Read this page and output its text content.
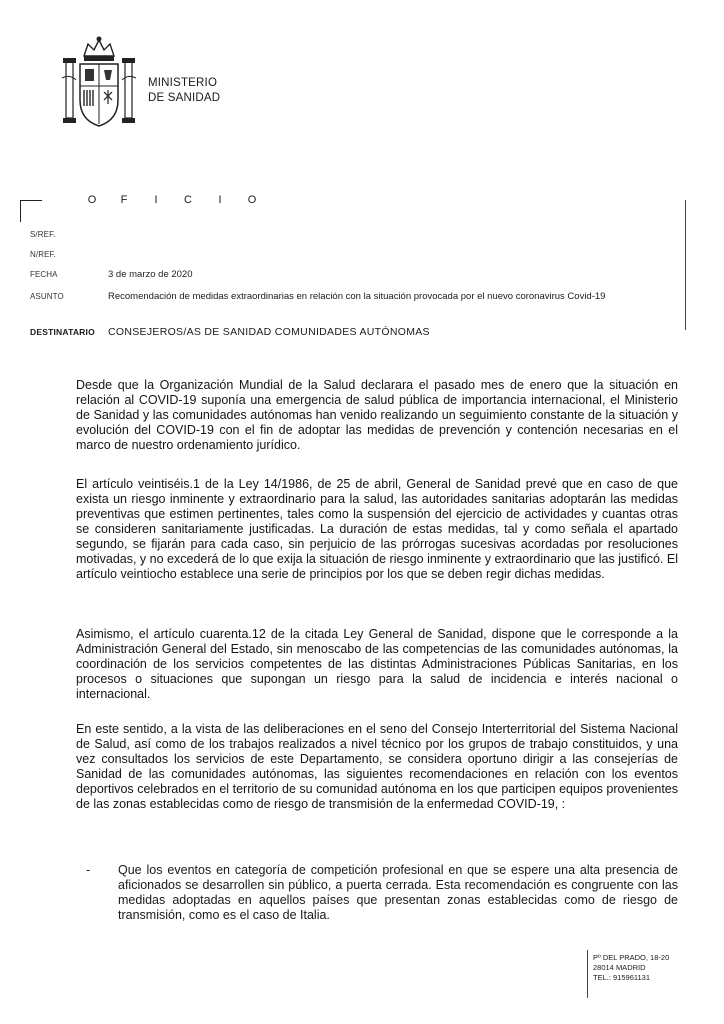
MINISTERIO
DE SANIDAD
O	F	I	C	I	O
S/REF.
N/REF.
FECHA	3 de marzo de 2020
ASUNTO	Recomendación de medidas extraordinarias en relación con la situación provocada por el nuevo coronavirus Covid-19
DESTINATARIO CONSEJEROS/AS DE SANIDAD COMUNIDADES AUTÓNOMAS
Desde que la Organización Mundial de la Salud declarara el pasado mes de enero que la situación en relación al COVID-19 suponía una emergencia de salud pública de importancia internacional, el Ministerio de Sanidad y las comunidades autónomas han venido realizando un seguimiento constante de la situación y evolución del COVID-19 con el fin de adoptar las medidas de prevención y contención necesarias en el marco de nuestro ordenamiento jurídico.
El artículo veintiséis.1 de la Ley 14/1986, de 25 de abril, General de Sanidad prevé que en caso de que exista un riesgo inminente y extraordinario para la salud, las autoridades sanitarias adoptarán las medidas preventivas que estimen pertinentes, tales como la suspensión del ejercicio de actividades y cuantas otras se consideren sanitariamente justificadas. La duración de estas medidas, tal y como señala el apartado segundo, se fijarán para cada caso, sin perjuicio de las prórrogas sucesivas acordadas por resoluciones motivadas, y no excederá de lo que exija la situación de riesgo inminente y extraordinario que las justificó. El artículo veintiocho establece una serie de principios por los que se deben regir dichas medidas.
Asimismo, el artículo cuarenta.12 de la citada Ley General de Sanidad, dispone que le corresponde a la Administración General del Estado, sin menoscabo de las competencias de las comunidades autónomas, la coordinación de los servicios competentes de las distintas Administraciones Públicas Sanitarias, en los procesos o situaciones que supongan un riesgo para la salud de incidencia e interés nacional o internacional.
En este sentido, a la vista de las deliberaciones en el seno del Consejo Interterritorial del Sistema Nacional de Salud, así como de los trabajos realizados a nivel técnico por los grupos de trabajo constituidos, y una vez consultados los servicios de este Departamento, se considera oportuno dirigir a las consejerías de Sanidad de las comunidades autónomas, las siguientes recomendaciones en relación con los eventos deportivos celebrados en el territorio de su comunidad autónoma en los que participen equipos provenientes de las zonas establecidas como de riesgo de transmisión de la enfermedad COVID-19, :
- Que los eventos en categoría de competición profesional en que se espere una alta presencia de aficionados se desarrollen sin público, a puerta cerrada. Esta recomendación es congruente con las medidas adoptadas en aquellos países que presentan zonas establecidas como de riesgo de transmisión, como es el caso de Italia.
Pº DEL PRADO, 18-20
28014 MADRID
TEL.: 915961131
